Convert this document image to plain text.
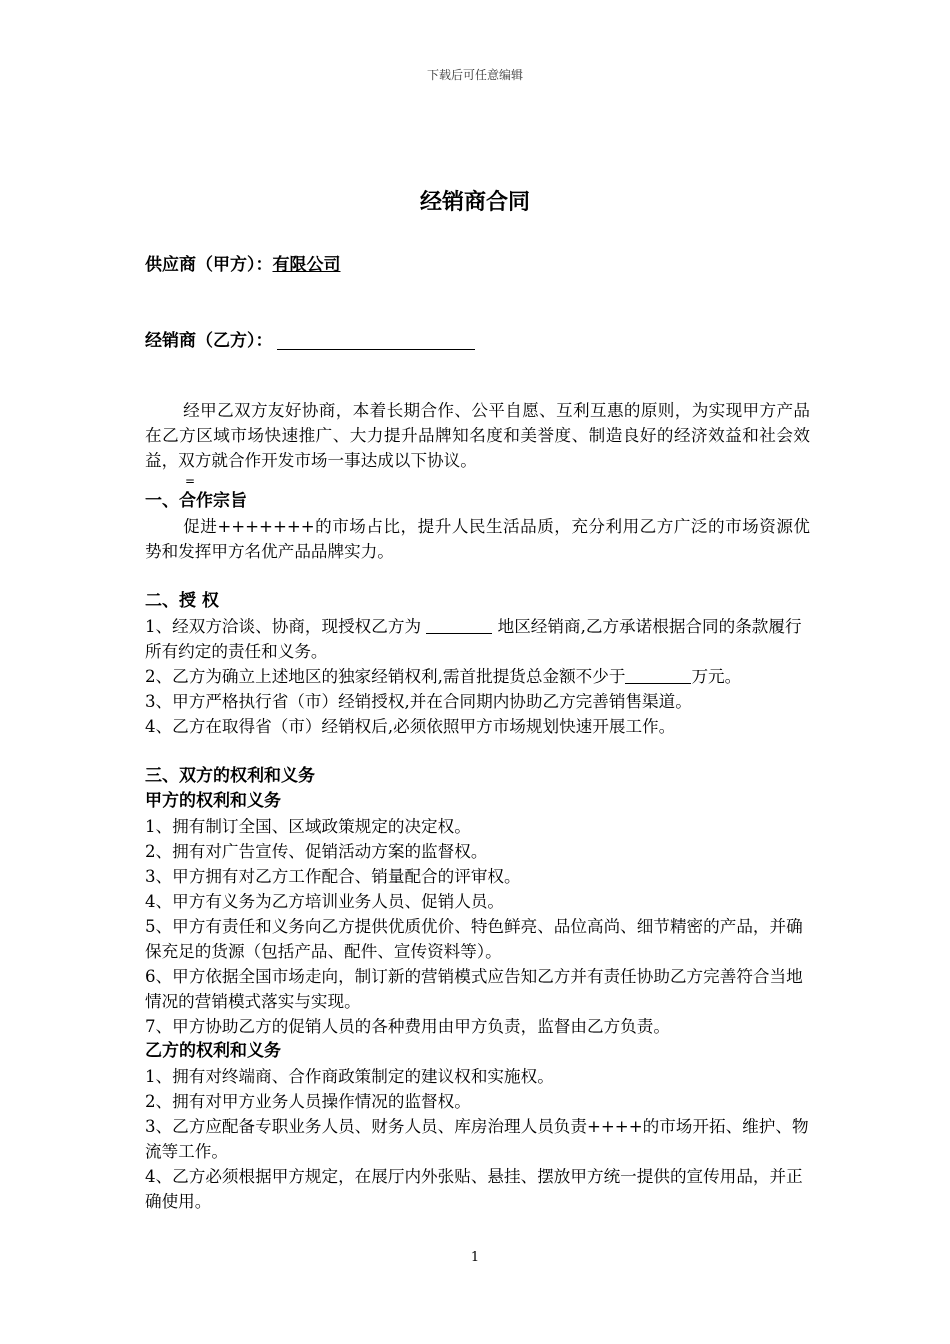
下载后可任意编辑
经销商合同
供应商（甲方）：有限公司
经销商（乙方）：
经甲乙双方友好协商，本着长期合作、公平自愿、互利互惠的原则，为实现甲方产品在乙方区域市场快速推广、大力提升品牌知名度和美誉度、制造良好的经济效益和社会效益，双方就合作开发市场一事达成以下协议。
=
一、合作宗旨
促进+++++++的市场占比，提升人民生活品质，充分利用乙方广泛的市场资源优势和发挥甲方名优产品品牌实力。
二、授 权
1、经双方洽谈、协商，现授权乙方为	地区经销商,乙方承诺根据合同的条款履行所有约定的责任和义务。
2、乙方为确立上述地区的独家经销权利,需首批提货总金额不少于	万元。
3、甲方严格执行省（市）经销授权,并在合同期内协助乙方完善销售渠道。
4、乙方在取得省（市）经销权后,必须依照甲方市场规划快速开展工作。
三、双方的权利和义务
甲方的权利和义务
1、拥有制订全国、区域政策规定的决定权。
2、拥有对广告宣传、促销活动方案的监督权。
3、甲方拥有对乙方工作配合、销量配合的评审权。
4、甲方有义务为乙方培训业务人员、促销人员。
5、甲方有责任和义务向乙方提供优质优价、特色鲜亮、品位高尚、细节精密的产品，并确保充足的货源（包括产品、配件、宣传资料等）。
6、甲方依据全国市场走向，制订新的营销模式应告知乙方并有责任协助乙方完善符合当地情况的营销模式落实与实现。
7、甲方协助乙方的促销人员的各种费用由甲方负责，监督由乙方负责。
乙方的权利和义务
1、拥有对终端商、合作商政策制定的建议权和实施权。
2、拥有对甲方业务人员操作情况的监督权。
3、乙方应配备专职业务人员、财务人员、库房治理人员负责++++的市场开拓、维护、物流等工作。
4、乙方必须根据甲方规定，在展厅内外张贴、悬挂、摆放甲方统一提供的宣传用品，并正确使用。
1
